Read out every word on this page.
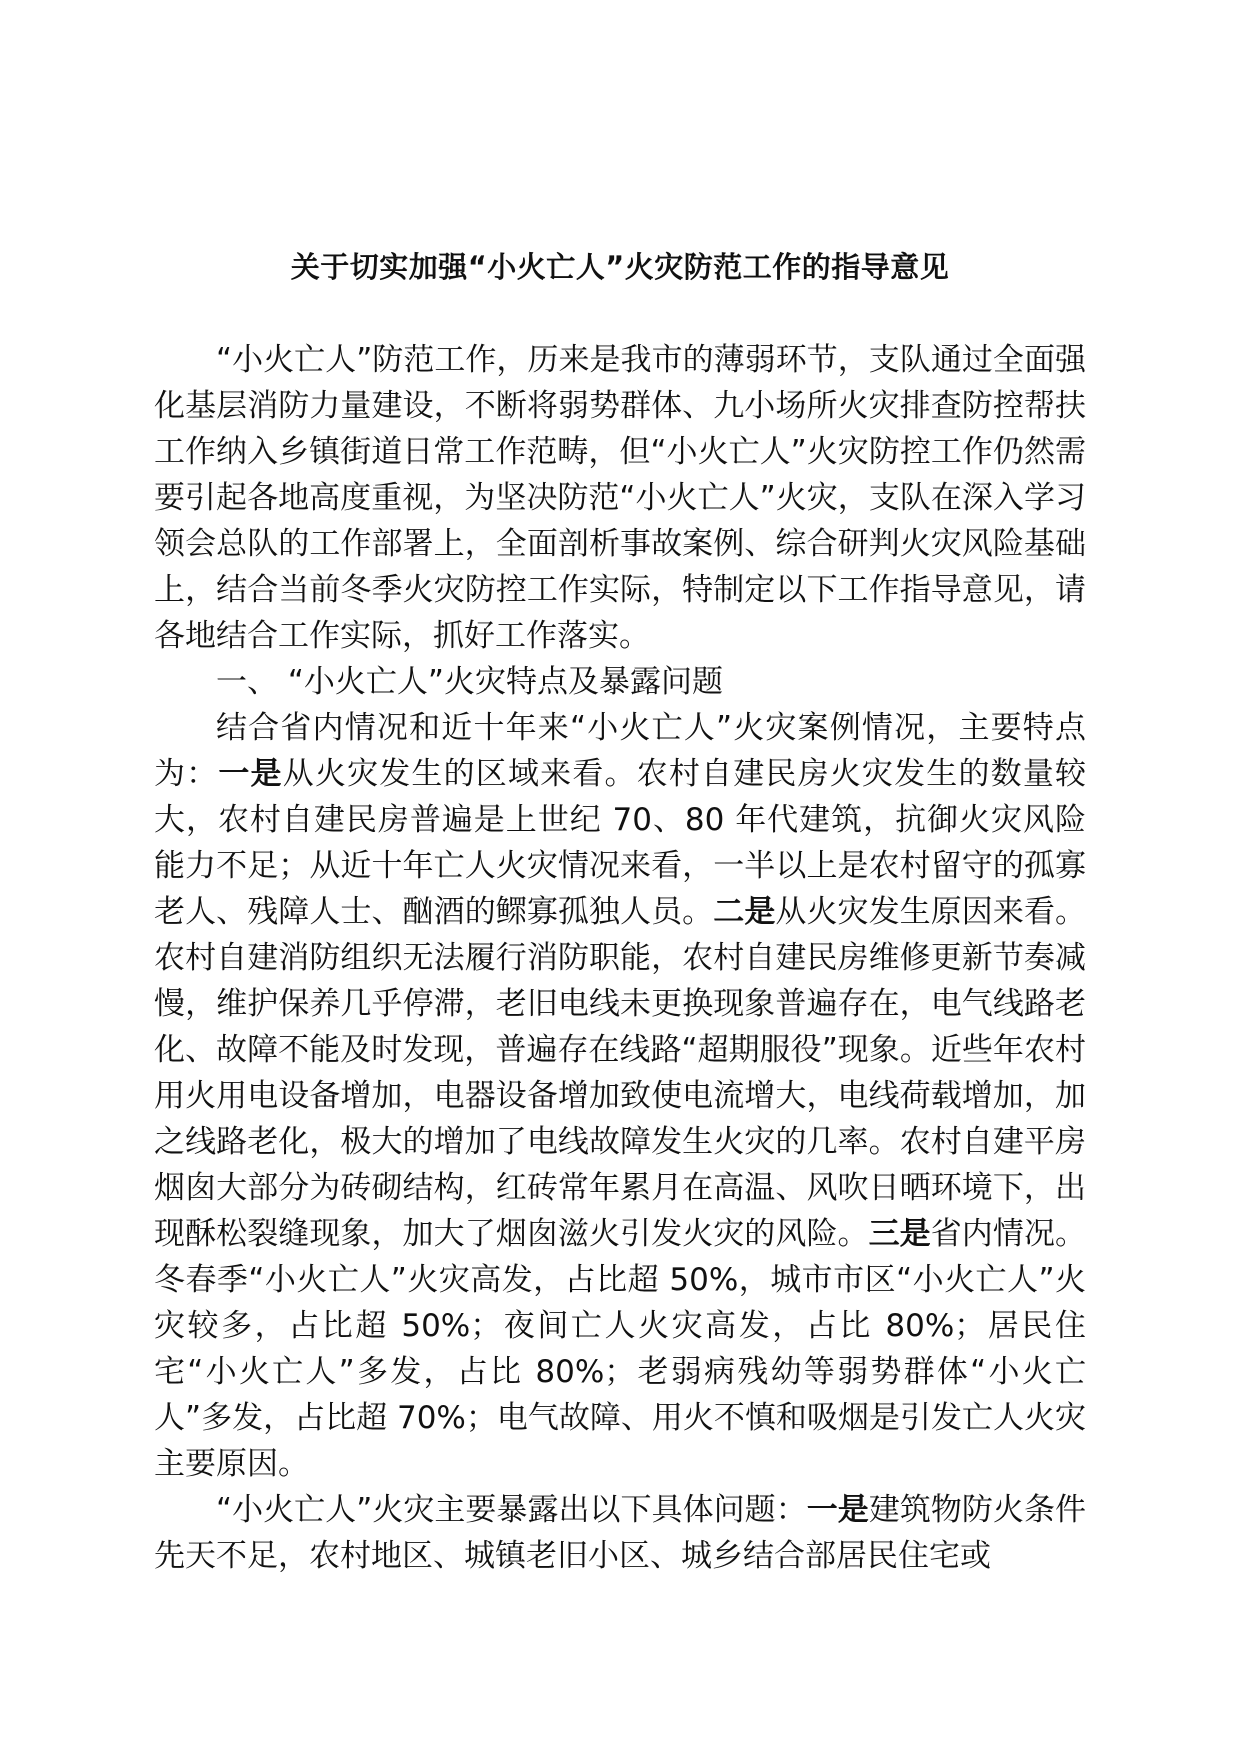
关于切实加强“小火亡人”火灾防范工作的指导意见

“小火亡人”防范工作，历来是我市的薄弱环节，支队通过全面强化基层消防力量建设，不断将弱势群体、九小场所火灾排查防控帮扶工作纳入乡镇街道日常工作范畴，但“小火亡人”火灾防控工作仍然需要引起各地高度重视，为坚决防范“小火亡人”火灾，支队在深入学习领会总队的工作部署上，全面剖析事故案例、综合研判火灾风险基础上，结合当前冬季火灾防控工作实际，特制定以下工作指导意见，请各地结合工作实际，抓好工作落实。

一、 “小火亡人”火灾特点及暴露问题

结合省内情况和近十年来“小火亡人”火灾案例情况，主要特点为：一是从火灾发生的区域来看。农村自建民房火灾发生的数量较大，农村自建民房普遍是上世纪 70、80 年代建筑，抗御火灾风险能力不足；从近十年亡人火灾情况来看，一半以上是农村留守的孤寡老人、残障人士、酗酒的鳏寡孤独人员。二是从火灾发生原因来看。农村自建消防组织无法履行消防职能，农村自建民房维修更新节奏减慢，维护保养几乎停滞，老旧电线未更换现象普遍存在，电气线路老化、故障不能及时发现，普遍存在线路“超期服役”现象。近些年农村用火用电设备增加，电器设备增加致使电流增大，电线荷载增加，加之线路老化，极大的增加了电线故障发生火灾的几率。农村自建平房烟囱大部分为砖砌结构，红砖常年累月在高温、风吹日晒环境下，出现酥松裂缝现象，加大了烟囱滋火引发火灾的风险。三是省内情况。冬春季“小火亡人”火灾高发，占比超 50%，城市市区“小火亡人”火灾较多，占比超 50%；夜间亡人火灾高发，占比 80%；居民住宅“小火亡人”多发，占比 80%；老弱病残幼等弱势群体“小火亡人”多发，占比超 70%；电气故障、用火不慎和吸烟是引发亡人火灾主要原因。

“小火亡人”火灾主要暴露出以下具体问题：一是建筑物防火条件先天不足，农村地区、城镇老旧小区、城乡结合部居民住宅或
